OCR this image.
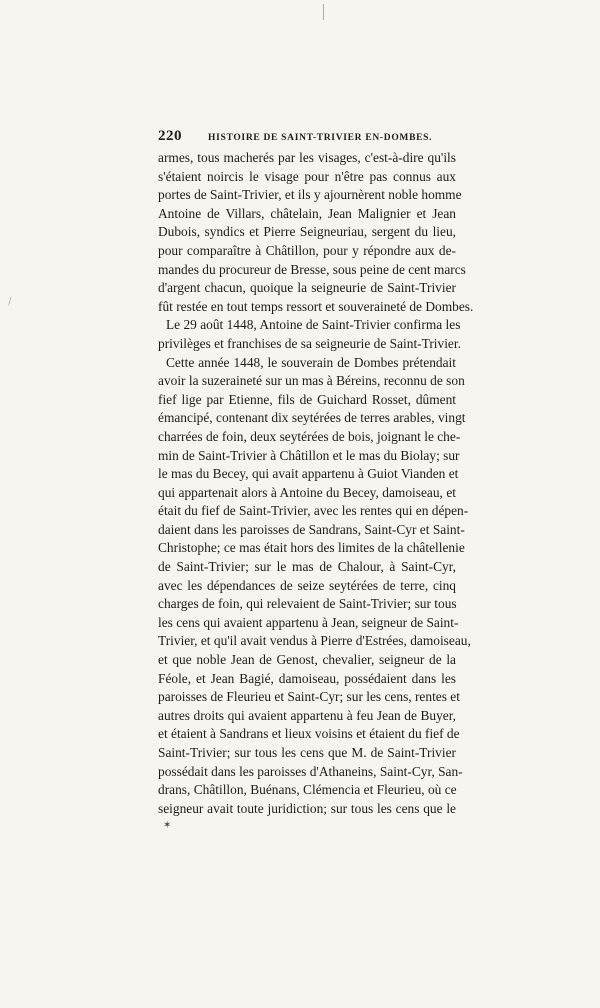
\
220	HISTOIRE DE SAINT-TRIVIER EN-DOMBES.
armes, tous macherés par les visages, c'est-à-dire qu'ils
s'étaient noircis le visage pour n'être pas connus aux
portes de Saint-Trivier, et ils y ajournèrent noble homme
Antoine de Villars, châtelain, Jean Malignier et Jean
Dubois, syndics et Pierre Seigneuriau, sergent du lieu,
pour comparaître à Châtillon, pour y répondre aux de-
mandes du procureur de Bresse, sous peine de cent marcs
d'argent chacun, quoique la seigneurie de Saint-Trivier
fût restée en tout temps ressort et souveraineté de Dombes.
Le 29 août 1448, Antoine de Saint-Trivier confirma les
privilèges et franchises de sa seigneurie de Saint-Trivier.
Cette année 1448, le souverain de Dombes prétendait
avoir la suzeraineté sur un mas à Béreins, reconnu de son
fief lige par Etienne, fils de Guichard Rosset, dûment
émancipé, contenant dix seytérées de terres arables, vingt
charrées de foin, deux seytérées de bois, joignant le che-
min de Saint-Trivier à Châtillon et le mas du Biolay; sur
le mas du Becey, qui avait appartenu à Guiot Vianden et
qui appartenait alors à Antoine du Becey, damoiseau, et
était du fief de Saint-Trivier, avec les rentes qui en dépen-
daient dans les paroisses de Sandrans, Saint-Cyr et Saint-
Christophe; ce mas était hors des limites de la châtellenie
de Saint-Trivier; sur le mas de Chalour, à Saint-Cyr,
avec les dépendances de seize seytérées de terre, cinq
charges de foin, qui relevaient de Saint-Trivier; sur tous
les cens qui avaient appartenu à Jean, seigneur de Saint-
Trivier, et qu'il avait vendus à Pierre d'Estrées, damoiseau,
et que noble Jean de Genost, chevalier, seigneur de la
Féole, et Jean Bagié, damoiseau, possédaient dans les
paroisses de Fleurieu et Saint-Cyr; sur les cens, rentes et
autres droits qui avaient appartenu à feu Jean de Buyer,
et étaient à Sandrans et lieux voisins et étaient du fief de
Saint-Trivier; sur tous les cens que M. de Saint-Trivier
possédait dans les paroisses d'Athaneins, Saint-Cyr, San-
drans, Châtillon, Buénans, Clémencia et Fleurieu, où ce
seigneur avait toute juridiction; sur tous les cens que le
✶
